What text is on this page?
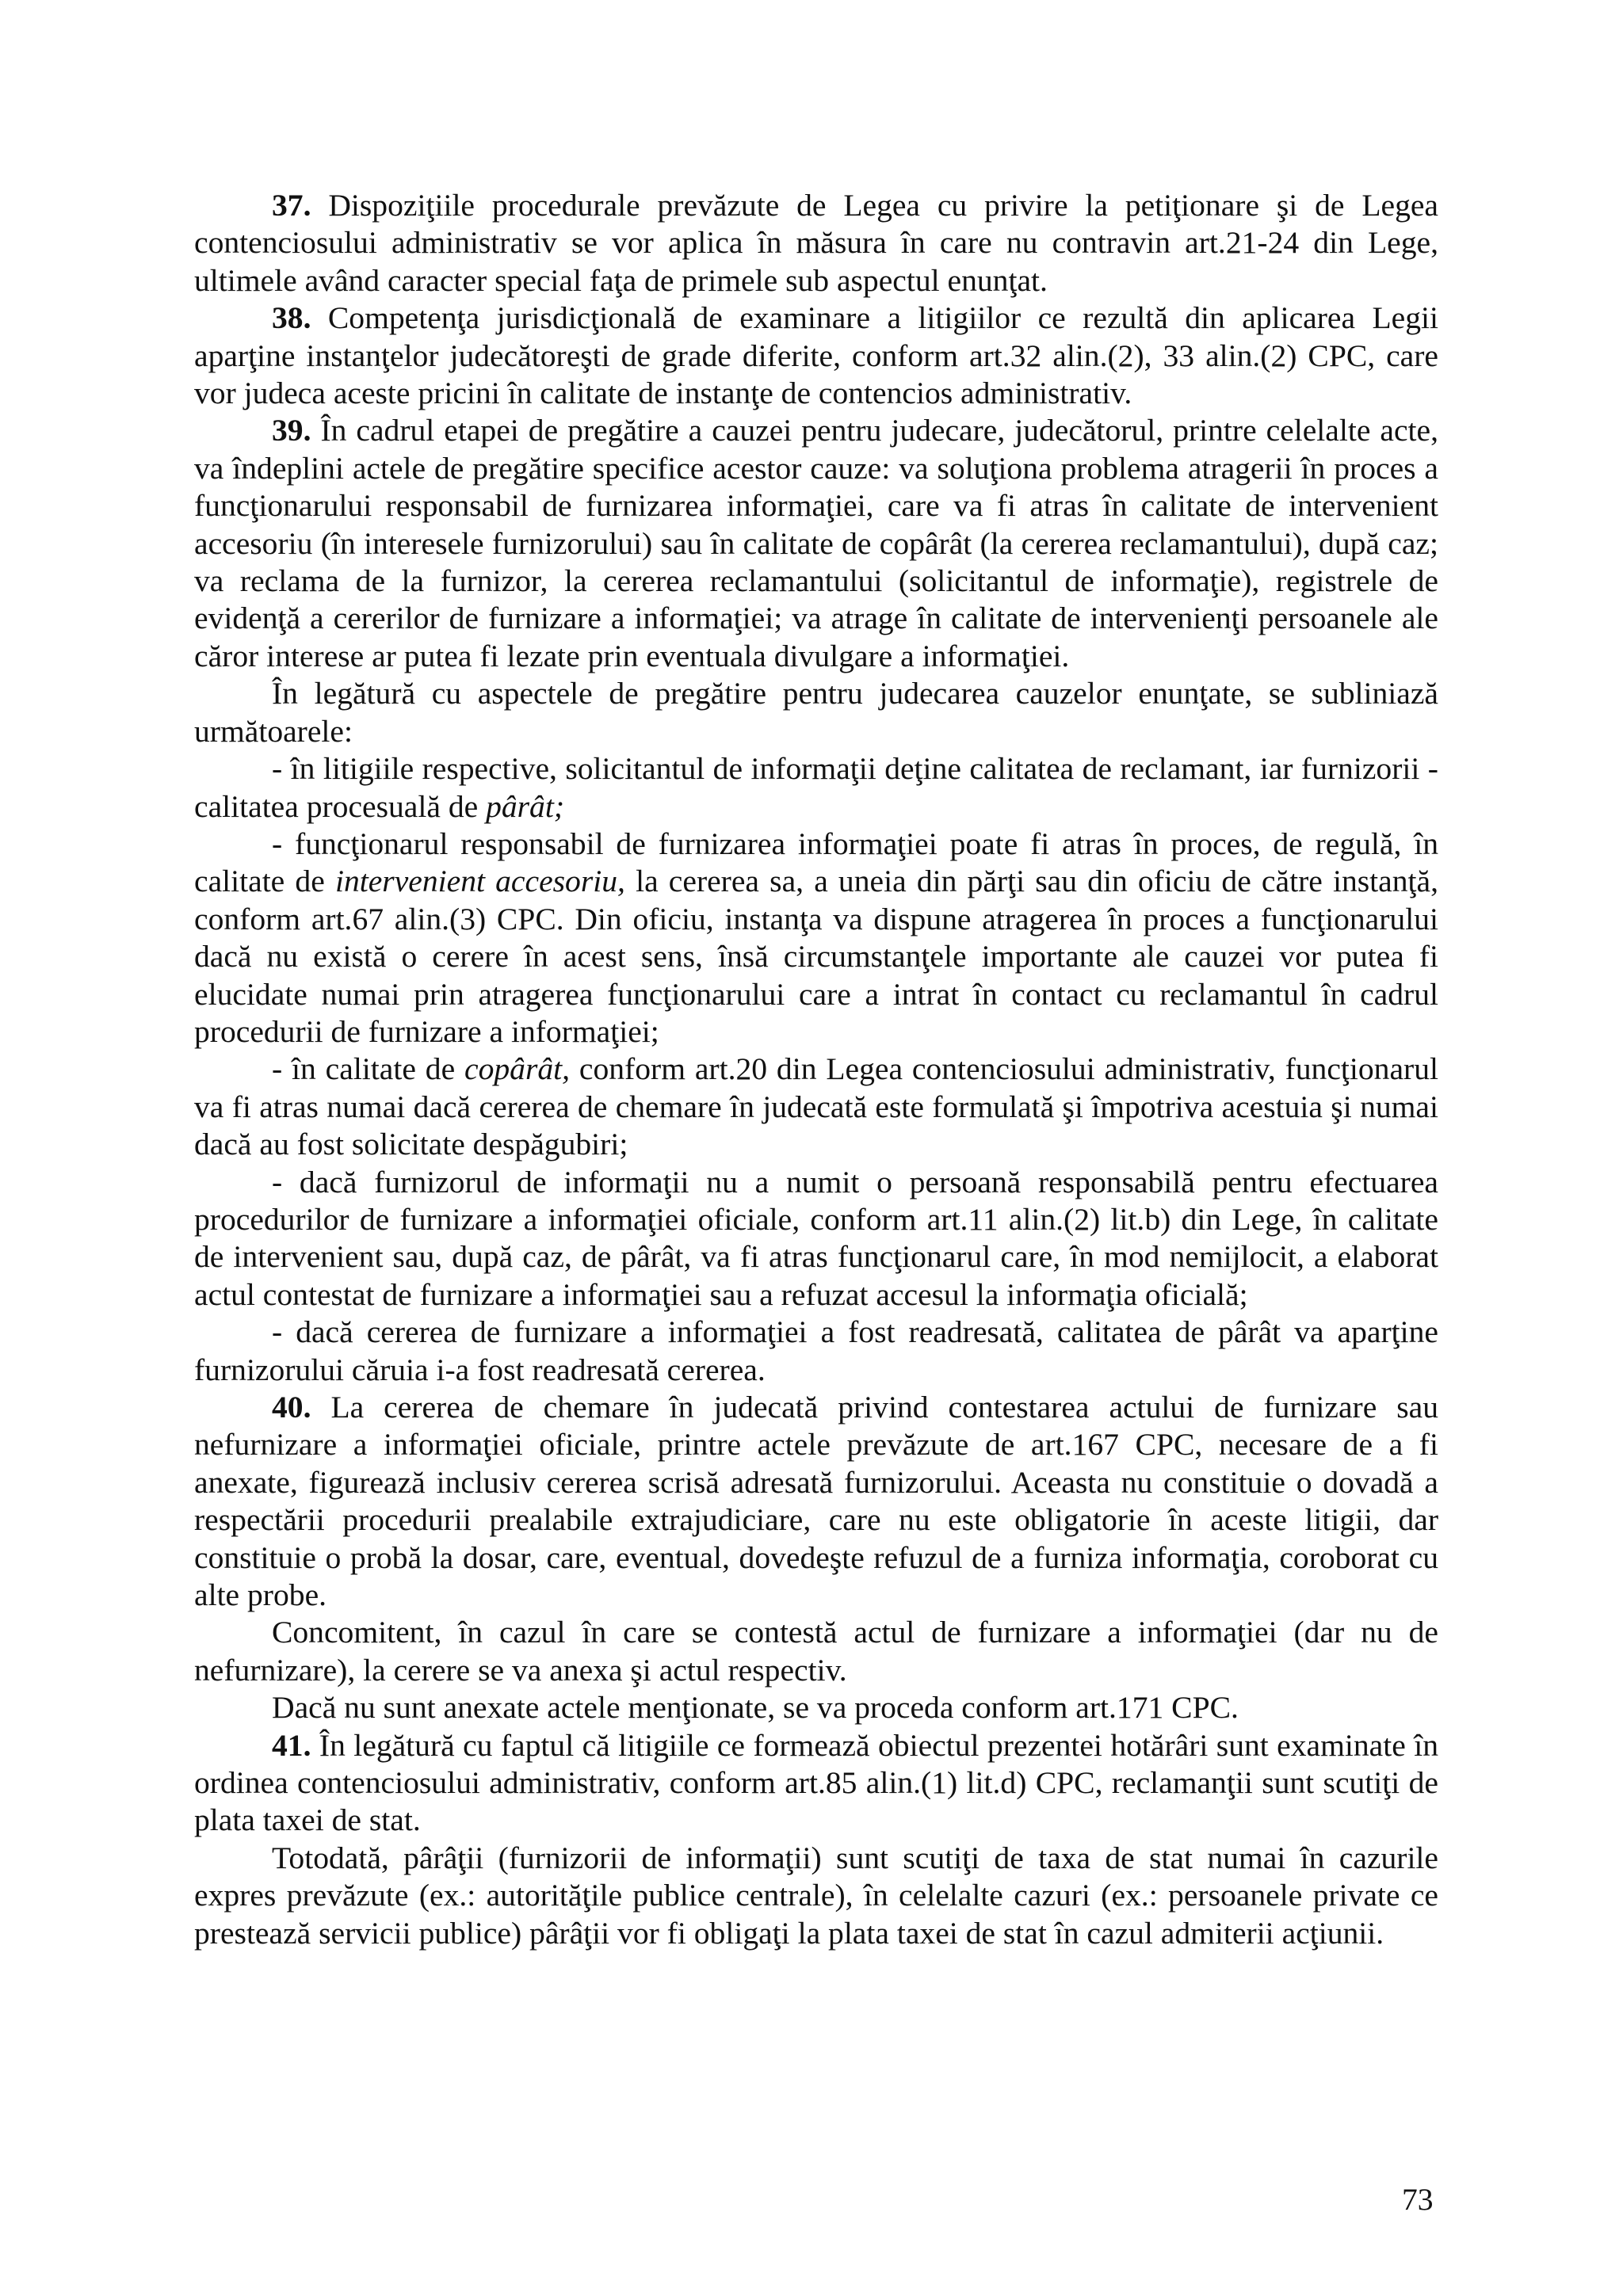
37. Dispoziţiile procedurale prevăzute de Legea cu privire la petiţionare şi de Legea contenciosului administrativ se vor aplica în măsura în care nu contravin art.21-24 din Lege, ultimele având caracter special faţa de primele sub aspectul enunţat.

38. Competenţa jurisdicţională de examinare a litigiilor ce rezultă din aplicarea Legii aparţine instanţelor judecătoreşti de grade diferite, conform art.32 alin.(2), 33 alin.(2) CPC, care vor judeca aceste pricini în calitate de instanţe de contencios administrativ.

39. În cadrul etapei de pregătire a cauzei pentru judecare, judecătorul, printre celelalte acte, va îndeplini actele de pregătire specifice acestor cauze: va soluţiona problema atragerii în proces a funcţionarului responsabil de furnizarea informaţiei, care va fi atras în calitate de intervenient accesoriu (în interesele furnizorului) sau în calitate de copârât (la cererea reclamantului), după caz; va reclama de la furnizor, la cererea reclamantului (solicitantul de informaţie), registrele de evidenţă a cererilor de furnizare a informaţiei; va atrage în calitate de intervenienţi persoanele ale căror interese ar putea fi lezate prin eventuala divulgare a informaţiei.

În legătură cu aspectele de pregătire pentru judecarea cauzelor enunţate, se subliniază următoarele:

- în litigiile respective, solicitantul de informaţii deţine calitatea de reclamant, iar furnizorii - calitatea procesuală de pârât;

- funcţionarul responsabil de furnizarea informaţiei poate fi atras în proces, de regulă, în calitate de intervenient accesoriu, la cererea sa, a uneia din părţi sau din oficiu de către instanţă, conform art.67 alin.(3) CPC. Din oficiu, instanţa va dispune atragerea în proces a funcţionarului dacă nu există o cerere în acest sens, însă circumstanţele importante ale cauzei vor putea fi elucidate numai prin atragerea funcţionarului care a intrat în contact cu reclamantul în cadrul procedurii de furnizare a informaţiei;

- în calitate de copârât, conform art.20 din Legea contenciosului administrativ, funcţionarul va fi atras numai dacă cererea de chemare în judecată este formulată şi împotriva acestuia şi numai dacă au fost solicitate despăgubiri;

- dacă furnizorul de informaţii nu a numit o persoană responsabilă pentru efectuarea procedurilor de furnizare a informaţiei oficiale, conform art.11 alin.(2) lit.b) din Lege, în calitate de intervenient sau, după caz, de pârât, va fi atras funcţionarul care, în mod nemijlocit, a elaborat actul contestat de furnizare a informaţiei sau a refuzat accesul la informaţia oficială;

- dacă cererea de furnizare a informaţiei a fost readresată, calitatea de pârât va aparţine furnizorului căruia i-a fost readresată cererea.

40. La cererea de chemare în judecată privind contestarea actului de furnizare sau nefurnizare a informaţiei oficiale, printre actele prevăzute de art.167 CPC, necesare de a fi anexate, figurează inclusiv cererea scrisă adresată furnizorului. Aceasta nu constituie o dovadă a respectării procedurii prealabile extrajudiciare, care nu este obligatorie în aceste litigii, dar constituie o probă la dosar, care, eventual, dovedeşte refuzul de a furniza informaţia, coroborat cu alte probe.

Concomitent, în cazul în care se contestă actul de furnizare a informaţiei (dar nu de nefurnizare), la cerere se va anexa şi actul respectiv.

Dacă nu sunt anexate actele menţionate, se va proceda conform art.171 CPC.

41. În legătură cu faptul că litigiile ce formează obiectul prezentei hotărâri sunt examinate în ordinea contenciosului administrativ, conform art.85 alin.(1) lit.d) CPC, reclamanţii sunt scutiţi de plata taxei de stat.

Totodată, pârâţii (furnizorii de informaţii) sunt scutiţi de taxa de stat numai în cazurile expres prevăzute (ex.: autorităţile publice centrale), în celelalte cazuri (ex.: persoanele private ce prestează servicii publice) pârâţii vor fi obligaţi la plata taxei de stat în cazul admiterii acţiunii.

73
